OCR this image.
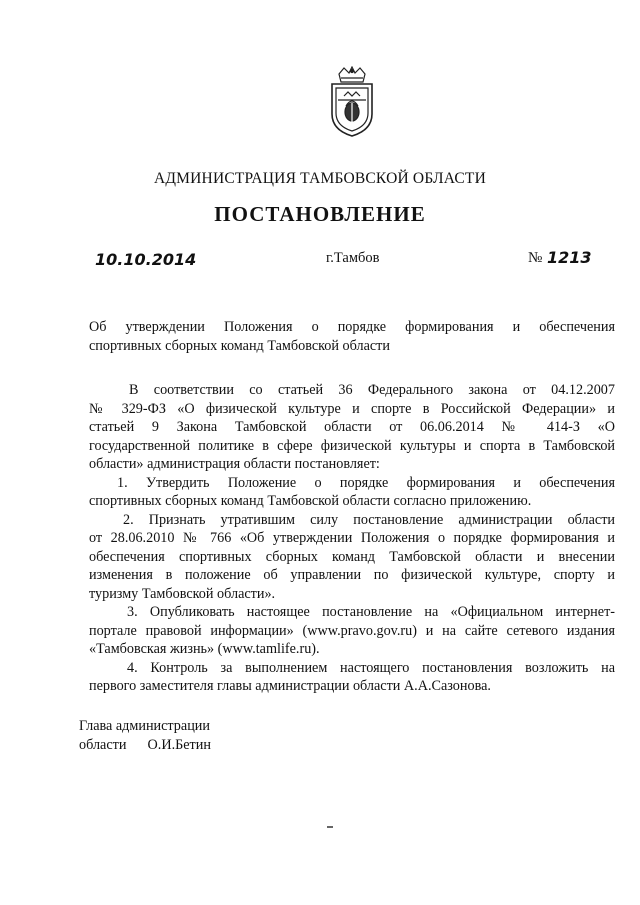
АДМИНИСТРАЦИЯ ТАМБОВСКОЙ ОБЛАСТИ
ПОСТАНОВЛЕНИЕ
10.10.2014	г.Тамбов	№ 1213
Об утверждении Положения о порядке формирования и обеспечения
спортивных сборных команд Тамбовской области
В соответствии со статьей 36 Федерального закона от 04.12.2007
№ 329-ФЗ «О физической культуре и спорте в Российской Федерации» и
статьей 9 Закона Тамбовской области от 06.06.2014 № 414-З «О
государственной политике в сфере физической культуры и спорта в Тамбовской
области» администрация области постановляет:
1. Утвердить Положение о порядке формирования и обеспечения
спортивных сборных команд Тамбовской области согласно приложению.
2. Признать утратившим силу постановление администрации области
от 28.06.2010 № 766 «Об утверждении Положения о порядке формирования и
обеспечения спортивных сборных команд Тамбовской области и внесении
изменения в положение об управлении по физической культуре, спорту и
туризму Тамбовской области».
3. Опубликовать настоящее постановление на «Официальном интернет-
портале правовой информации» (www.pravo.gov.ru) и на сайте сетевого издания
«Тамбовская жизнь» (www.tamlife.ru).
4. Контроль за выполнением настоящего постановления возложить на
первого заместителя главы администрации области А.А.Сазонова.
Глава администрации
области О.И.Бетин
